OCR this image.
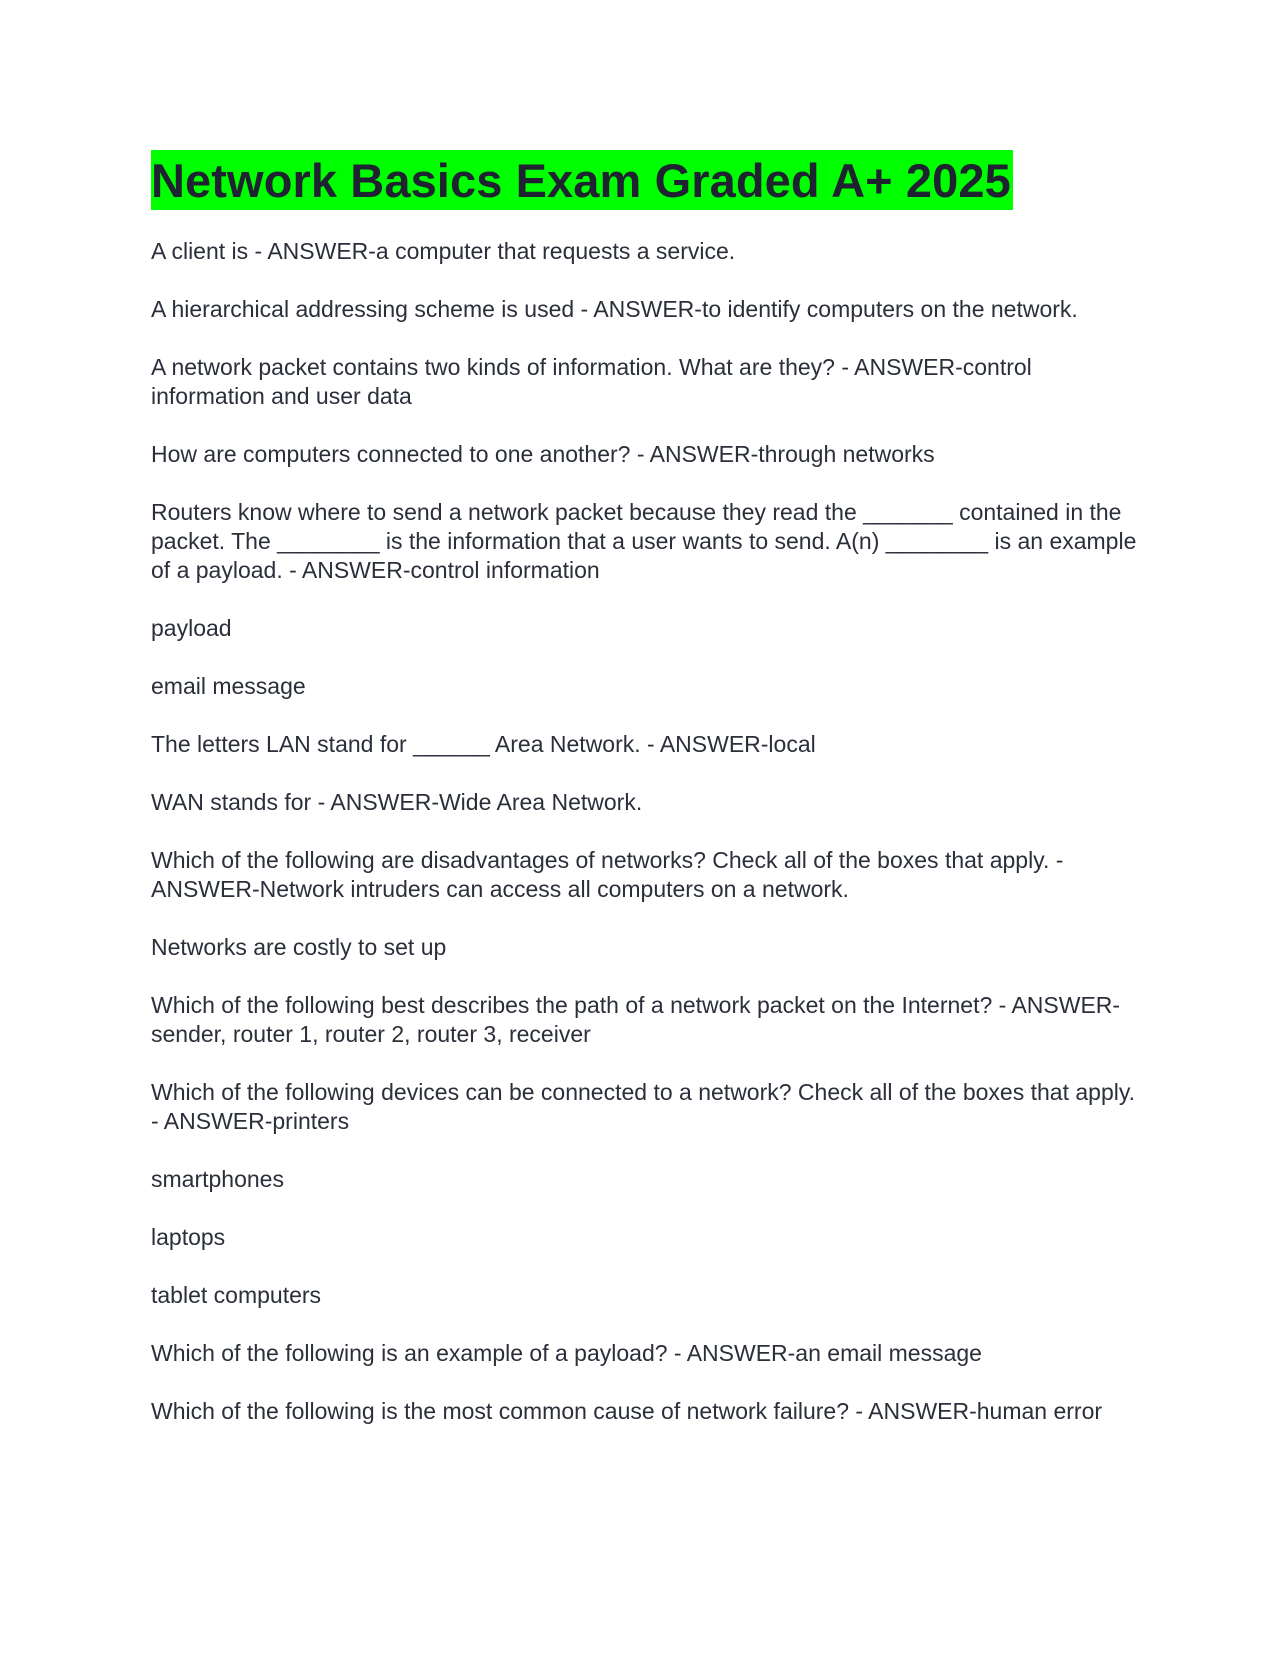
Network Basics Exam Graded A+ 2025

A client is - ANSWER-a computer that requests a service.

A hierarchical addressing scheme is used - ANSWER-to identify computers on the network.

A network packet contains two kinds of information. What are they? - ANSWER-control information and user data

How are computers connected to one another? - ANSWER-through networks

Routers know where to send a network packet because they read the _______ contained in the packet. The ________ is the information that a user wants to send. A(n) ________ is an example of a payload. - ANSWER-control information

payload

email message

The letters LAN stand for ______ Area Network. - ANSWER-local

WAN stands for - ANSWER-Wide Area Network.

Which of the following are disadvantages of networks? Check all of the boxes that apply. - ANSWER-Network intruders can access all computers on a network.

Networks are costly to set up

Which of the following best describes the path of a network packet on the Internet? - ANSWER-sender, router 1, router 2, router 3, receiver

Which of the following devices can be connected to a network? Check all of the boxes that apply. - ANSWER-printers

smartphones

laptops

tablet computers

Which of the following is an example of a payload? - ANSWER-an email message

Which of the following is the most common cause of network failure? - ANSWER-human error
